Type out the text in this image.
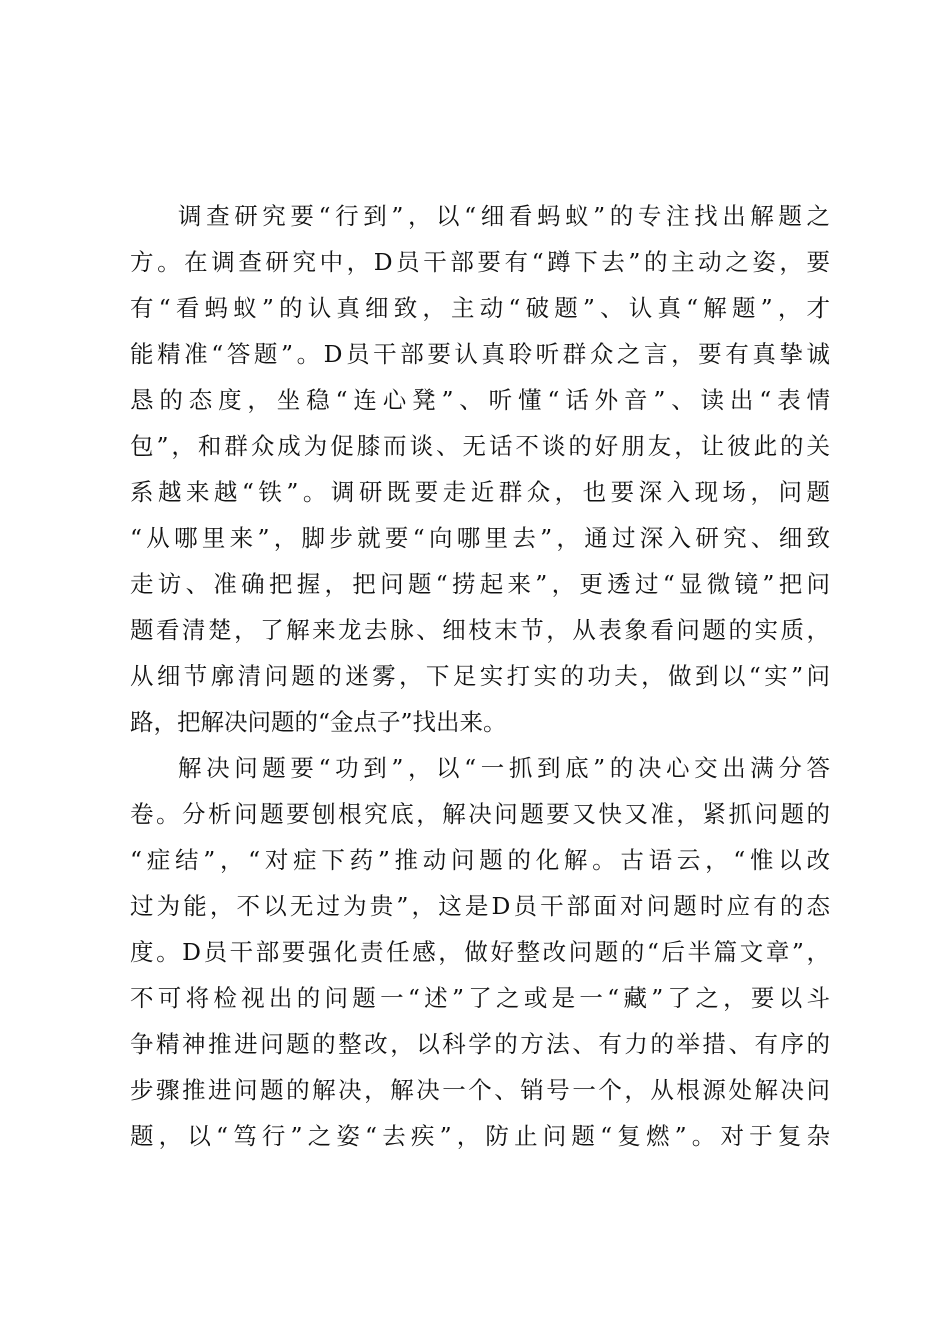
调查研究要“行到”，以“细看蚂蚁”的专注找出解题之
方。在调查研究中，D员干部要有“蹲下去”的主动之姿，要
有“看蚂蚁”的认真细致，主动“破题”、认真“解题”，才
能精准“答题”。D员干部要认真聆听群众之言，要有真挚诚
恳的态度，坐稳“连心凳”、听懂“话外音”、读出“表情
包”，和群众成为促膝而谈、无话不谈的好朋友，让彼此的关
系越来越“铁”。调研既要走近群众，也要深入现场，问题
“从哪里来”，脚步就要“向哪里去”，通过深入研究、细致
走访、准确把握，把问题“捞起来”，更透过“显微镜”把问
题看清楚，了解来龙去脉、细枝末节，从表象看问题的实质，
从细节廓清问题的迷雾，下足实打实的功夫，做到以“实”问
路，把解决问题的“金点子”找出来。
解决问题要“功到”，以“一抓到底”的决心交出满分答
卷。分析问题要刨根究底，解决问题要又快又准，紧抓问题的
“症结”，“对症下药”推动问题的化解。古语云，“惟以改
过为能，不以无过为贵”，这是D员干部面对问题时应有的态
度。D员干部要强化责任感，做好整改问题的“后半篇文章”，
不可将检视出的问题一“述”了之或是一“藏”了之，要以斗
争精神推进问题的整改，以科学的方法、有力的举措、有序的
步骤推进问题的解决，解决一个、销号一个，从根源处解决问
题，以“笃行”之姿“去疾”，防止问题“复燃”。对于复杂
